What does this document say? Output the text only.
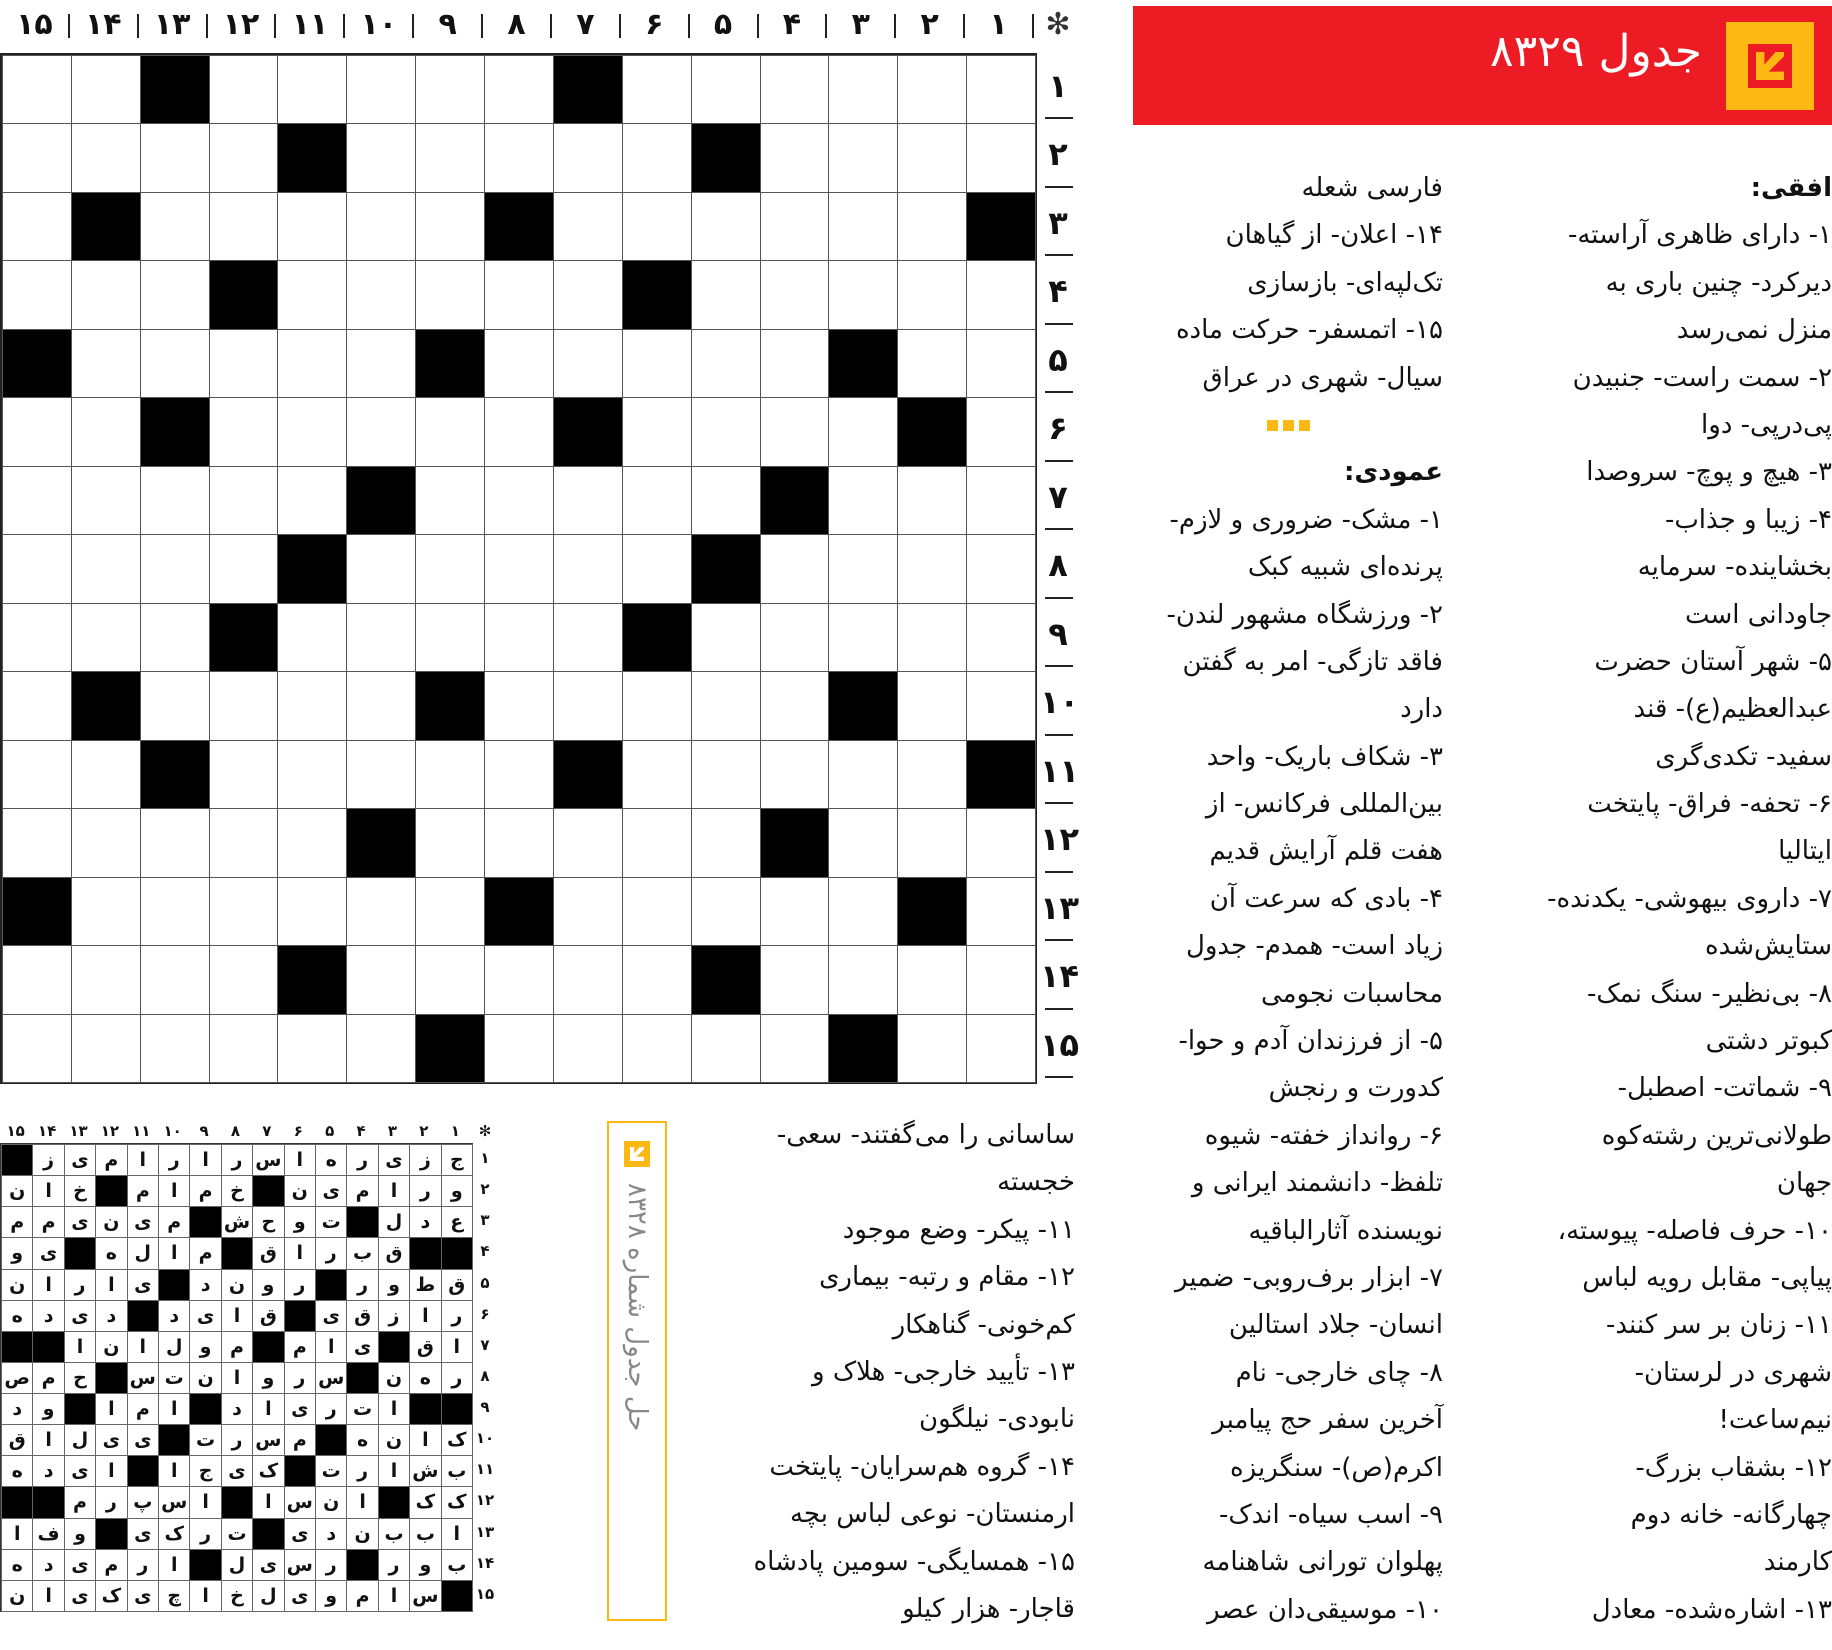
۱
۲
۳
۴
۵
۶
۷
۸
۹
۱۰
۱۱
۱۲
۱۳
۱۴
۱۵	✻
۱
۲
۳
۴
۵
۶
۷
۸
۹
۱۰
۱۱
۱۲
۱۳
۱۴
۱۵
جدول ۸۳۲۹
افقی:
۱- دارای ظاهری آراسته-
دیرکرد- چنین باری به
منزل نمی‌رسد
۲- سمت راست- جنبیدن
پی‌درپی- دوا
۳- هیچ و پوچ- سروصدا
۴- زیبا و جذاب-
بخشاینده- سرمایه
جاودانی است
۵- شهر آستان حضرت
عبدالعظیم(ع)- قند
سفید- تکدی‌گری
۶- تحفه- فراق- پایتخت
ایتالیا
۷- داروی بیهوشی- یکدنده-
ستایش‌شده
۸- بی‌نظیر- سنگ نمک-
کبوتر دشتی
۹- شماتت- اصطبل-
طولانی‌ترین رشته‌کوه
جهان
۱۰- حرف فاصله- پیوسته،
پیاپی- مقابل رویه لباس
۱۱- زنان بر سر کنند-
شهری در لرستان-
نیم‌ساعت!
۱۲- بشقاب بزرگ-
چهارگانه- خانه دوم
کارمند
۱۳- اشاره‌شده- معادل
فارسی شعله
۱۴- اعلان- از گیاهان
تک‌لپه‌ای- بازسازی
۱۵- اتمسفر- حرکت ماده
سیال- شهری در عراق
عمودی:
۱- مشک- ضروری و لازم-
پرنده‌ای شبیه کبک
۲- ورزشگاه مشهور لندن-
فاقد تازگی- امر به گفتن
دارد
۳- شکاف باریک- واحد
بین‌المللی فرکانس- از
هفت قلم آرایش قدیم
۴- بادی که سرعت آن
زیاد است- همدم- جدول
محاسبات نجومی
۵- از فرزندان آدم و حوا-
کدورت و رنجش
۶- روانداز خفته- شیوه
تلفظ- دانشمند ایرانی و
نویسنده آثارالباقیه
۷- ابزار برف‌روبی- ضمیر
انسان- جلاد استالین
۸- چای خارجی- نام
آخرین سفر حج پیامبر
اکرم(ص)- سنگریزه
۹- اسب سیاه- اندک-
پهلوان تورانی شاهنامه
۱۰- موسیقی‌دان عصر
ساسانی را می‌گفتند- سعی-
خجسته
۱۱- پیکر- وضع موجود
۱۲- مقام و رتبه- بیماری
کم‌خونی- گناهکار
۱۳- تأیید خارجی- هلاک و
نابودی- نیلگون
۱۴- گروه هم‌سرایان- پایتخت
ارمنستان- نوعی لباس بچه
۱۵- همسایگی- سومین پادشاه
قاجار- هزار کیلو
حل جدول شماره ۸۳۲۸
۱
۲
۳
۴
۵
۶
۷
۸
۹
۱۰
۱۱
۱۲
۱۳
۱۴
۱۵	✻
۱
۲
۳
۴
۵
۶
۷
۸
۹
۱۰
۱۱
۱۲
۱۳
۱۴
۱۵
ج
ز
ی
ر
ه
ا
س
ر
ا
ر
ا
م
ی
ز
و
ر
ا
م
ی
ن
خ
م
ا
م
خ
ا
ن
ع
د
ل
ت
و
ح
ش
م
ی
ن
ی
م
م
ق
ب
ر
ا
ق
م
ا
ل
ه
ی
و
ق
ط
و
ر
ر
و
ن
د
ی
ا
ر
ا
ن
ر
ا
ز
ق
ی
ق
ا
ی
د
د
ی
د
ه
ا
ق
ی
ا
م
م
و
ل
ا
ن
ا
ر
ه
ن
س
ر
و
ا
ن
ت
س
ح
م
ص
ا
ت
ر
ی
ا
د
ا
م
ا
و
د
ک
ا
ن
ه
م
س
ر
ت
ی
ی
ل
ا
ق
ب
ش
ا
ر
ت
ک
ی
ج
ا
ا
ی
د
ه
ک
ک
ا
ن
س
ا
ا
س
پ
ر
م
ا
ب
ب
ن
د
ی
ت
ر
ک
ی
و
ف
ا
ب
و
ر
ر
س
ی
ل
ا
ر
م
ی
د
ه
س
ا
م
و
ی
ل
خ
ا
چ
ی
ک
ی
ا
ن
